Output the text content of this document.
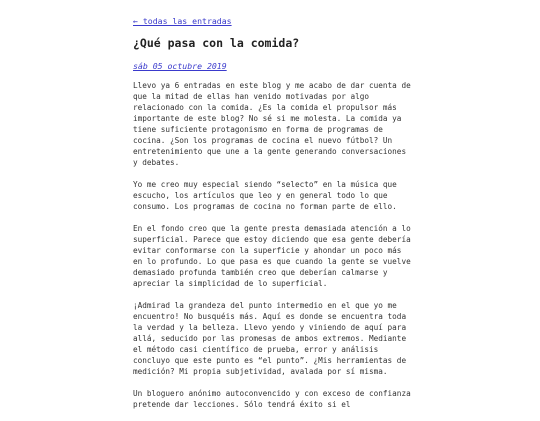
← todas las entradas
¿Qué pasa con la comida?
sáb 05 octubre 2019

Llevo ya 6 entradas en este blog y me acabo de dar cuenta de que la mitad de ellas han venido motivadas por algo relacionado con la comida. ¿Es la comida el propulsor más importante de este blog? No sé si me molesta. La comida ya tiene suficiente protagonismo en forma de programas de cocina. ¿Son los programas de cocina el nuevo fútbol? Un entretenimiento que une a la gente generando conversaciones y debates.

Yo me creo muy especial siendo “selecto” en la música que escucho, los artículos que leo y en general todo lo que consumo. Los programas de cocina no forman parte de ello.

En el fondo creo que la gente presta demasiada atención a lo superficial. Parece que estoy diciendo que esa gente debería evitar conformarse con la superficie y ahondar un poco más en lo profundo. Lo que pasa es que cuando la gente se vuelve demasiado profunda también creo que deberían calmarse y apreciar la simplicidad de lo superficial.

¡Admirad la grandeza del punto intermedio en el que yo me encuentro! No busquéis más. Aquí es donde se encuentra toda la verdad y la belleza. Llevo yendo y viniendo de aquí para allá, seducido por las promesas de ambos extremos. Mediante el método casi científico de prueba, error y análisis concluyo que este punto es “el punto”. ¿Mis herramientas de medición? Mi propia subjetividad, avalada por sí misma.

Un bloguero anónimo autoconvencido y con exceso de confianza pretende dar lecciones. Sólo tendrá éxito si el
